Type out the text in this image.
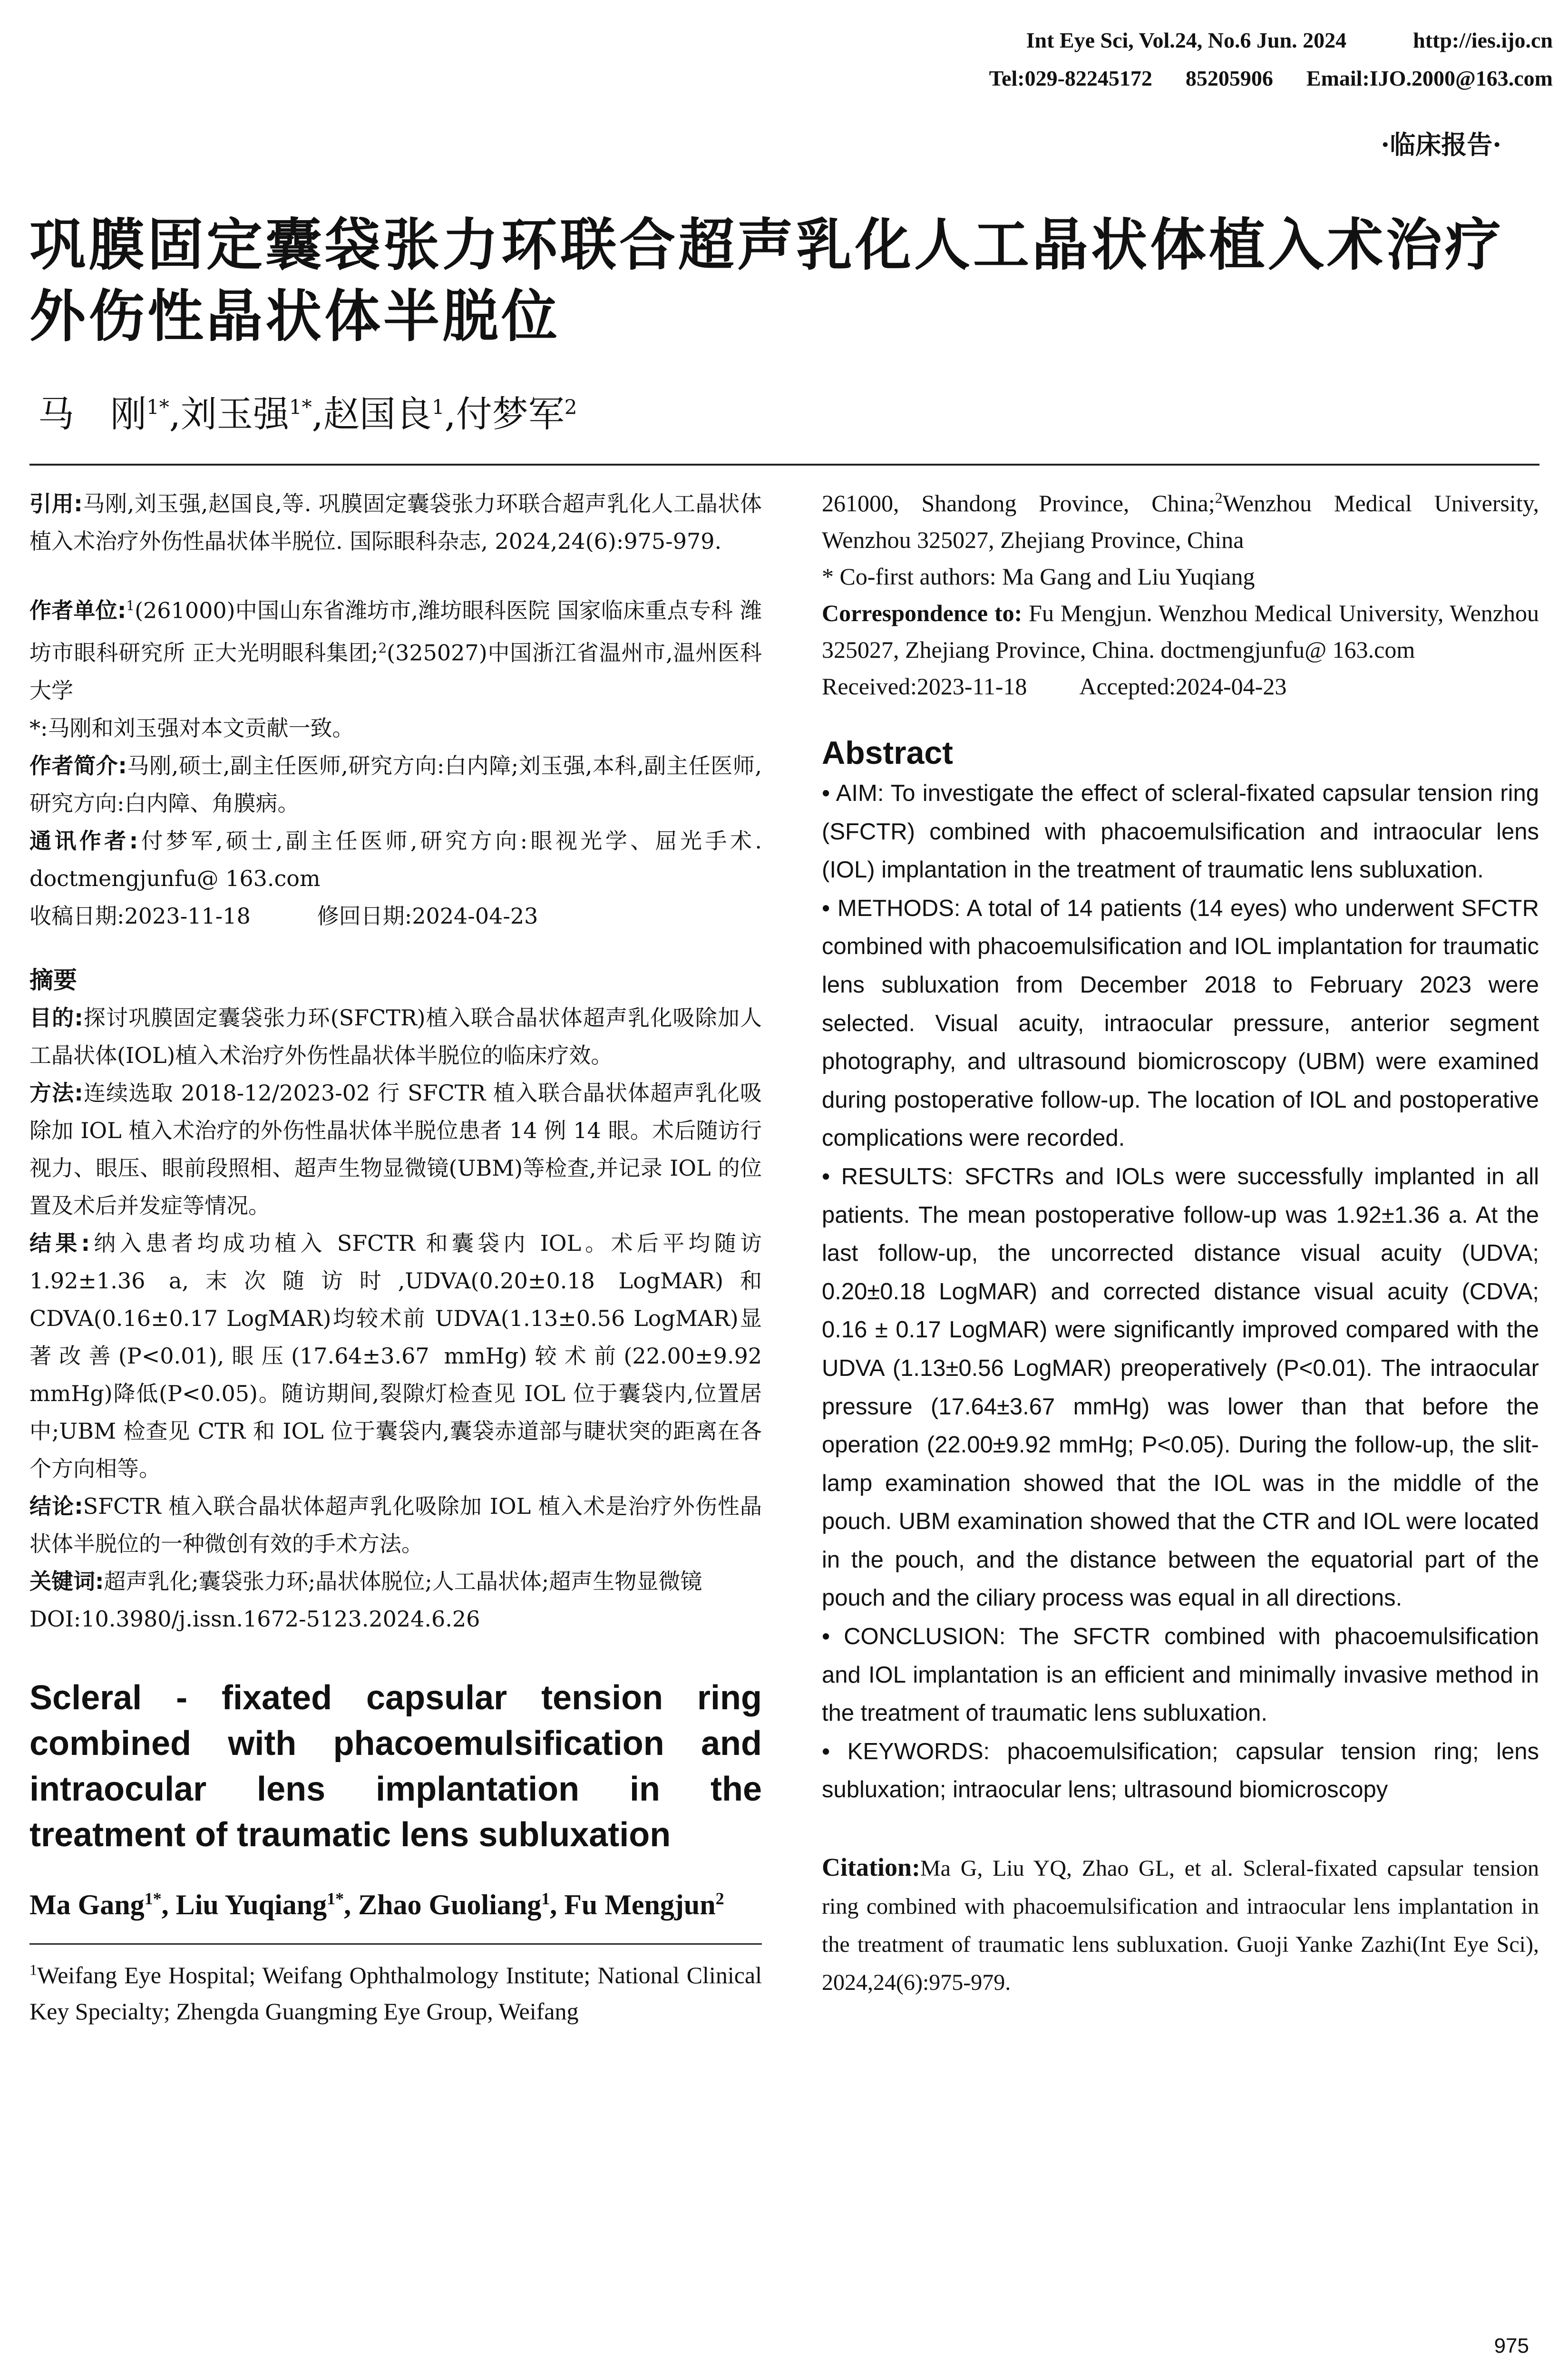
Int Eye Sci, Vol.24, No.6 Jun. 2024	http://ies.ijo.cn
Tel:029-82245172 85205906 Email:IJO.2000@163.com
·临床报告·
巩膜固定囊袋张力环联合超声乳化人工晶状体植入术治疗外伤性晶状体半脱位
马　刚$^{1*}$,刘玉强$^{1*}$,赵国良$^1$,付梦军$^2$
引用:马刚,刘玉强,赵国良,等. 巩膜固定囊袋张力环联合超声乳化人工晶状体植入术治疗外伤性晶状体半脱位. 国际眼科杂志, 2024,24(6):975-979.
作者单位:$^1$(261000)中国山东省潍坊市,潍坊眼科医院 国家临床重点专科 潍坊市眼科研究所 正大光明眼科集团;$^2$(325027)中国浙江省温州市,温州医科大学
*:马刚和刘玉强对本文贡献一致。
作者简介:马刚,硕士,副主任医师,研究方向:白内障;刘玉强,本科,副主任医师,研究方向:白内障、角膜病。
通讯作者:付梦军,硕士,副主任医师,研究方向:眼视光学、屈光手术. doctmengjunfu@ 163.com
收稿日期:2023-11-18	修回日期:2024-04-23
摘要
目的:探讨巩膜固定囊袋张力环(SFCTR)植入联合晶状体超声乳化吸除加人工晶状体(IOL)植入术治疗外伤性晶状体半脱位的临床疗效。
方法:连续选取 2018-12/2023-02 行 SFCTR 植入联合晶状体超声乳化吸除加 IOL 植入术治疗的外伤性晶状体半脱位患者 14 例 14 眼。术后随访行视力、眼压、眼前段照相、超声生物显微镜(UBM)等检查,并记录 IOL 的位置及术后并发症等情况。
结果:纳入患者均成功植入 SFCTR 和囊袋内 IOL。术后平均随访 1.92±1.36 a,末次随访时,UDVA(0.20±0.18 LogMAR)和 CDVA(0.16±0.17 LogMAR)均较术前 UDVA(1.13±0.56 LogMAR)显著改善(P<0.01),眼压(17.64±3.67 mmHg)较术前(22.00±9.92 mmHg)降低(P<0.05)。随访期间,裂隙灯检查见 IOL 位于囊袋内,位置居中;UBM 检查见 CTR 和 IOL 位于囊袋内,囊袋赤道部与睫状突的距离在各个方向相等。
结论:SFCTR 植入联合晶状体超声乳化吸除加 IOL 植入术是治疗外伤性晶状体半脱位的一种微创有效的手术方法。
关键词:超声乳化;囊袋张力环;晶状体脱位;人工晶状体;超声生物显微镜
DOI:10.3980/j.issn.1672-5123.2024.6.26
Scleral - fixated capsular tension ring combined with phacoemulsification and intraocular lens implantation in the treatment of traumatic lens subluxation
Ma Gang$^{1*}$, Liu Yuqiang$^{1*}$, Zhao Guoliang$^1$, Fu Mengjun$^2$
$^1$Weifang Eye Hospital; Weifang Ophthalmology Institute; National Clinical Key Specialty; Zhengda Guangming Eye Group, Weifang
261000, Shandong Province, China;$^2$Wenzhou Medical University, Wenzhou 325027, Zhejiang Province, China
* Co-first authors: Ma Gang and Liu Yuqiang
Correspondence to: Fu Mengjun. Wenzhou Medical University, Wenzhou 325027, Zhejiang Province, China. doctmengjunfu@ 163.com
Received:2023-11-18 Accepted:2024-04-23
Abstract

• AIM: To investigate the effect of scleral-fixated capsular tension ring (SFCTR) combined with phacoemulsification and intraocular lens (IOL) implantation in the treatment of traumatic lens subluxation.

• METHODS: A total of 14 patients (14 eyes) who underwent SFCTR combined with phacoemulsification and IOL implantation for traumatic lens subluxation from December 2018 to February 2023 were selected. Visual acuity, intraocular pressure, anterior segment photography, and ultrasound biomicroscopy (UBM) were examined during postoperative follow-up. The location of IOL and postoperative complications were recorded.

• RESULTS: SFCTRs and IOLs were successfully implanted in all patients. The mean postoperative follow-up was 1.92±1.36 a. At the last follow-up, the uncorrected distance visual acuity (UDVA; 0.20±0.18 LogMAR) and corrected distance visual acuity (CDVA; 0.16 ± 0.17 LogMAR) were significantly improved compared with the UDVA (1.13±0.56 LogMAR) preoperatively (P<0.01). The intraocular pressure (17.64±3.67 mmHg) was lower than that before the operation (22.00±9.92 mmHg; P<0.05). During the follow-up, the slit-lamp examination showed that the IOL was in the middle of the pouch. UBM examination showed that the CTR and IOL were located in the pouch, and the distance between the equatorial part of the pouch and the ciliary process was equal in all directions.

• CONCLUSION: The SFCTR combined with phacoemulsification and IOL implantation is an efficient and minimally invasive method in the treatment of traumatic lens subluxation.

• KEYWORDS: phacoemulsification; capsular tension ring; lens subluxation; intraocular lens; ultrasound biomicroscopy

Citation:Ma G, Liu YQ, Zhao GL, et al. Scleral-fixated capsular tension ring combined with phacoemulsification and intraocular lens implantation in the treatment of traumatic lens subluxation. Guoji Yanke Zazhi(Int Eye Sci), 2024,24(6):975-979.
975
